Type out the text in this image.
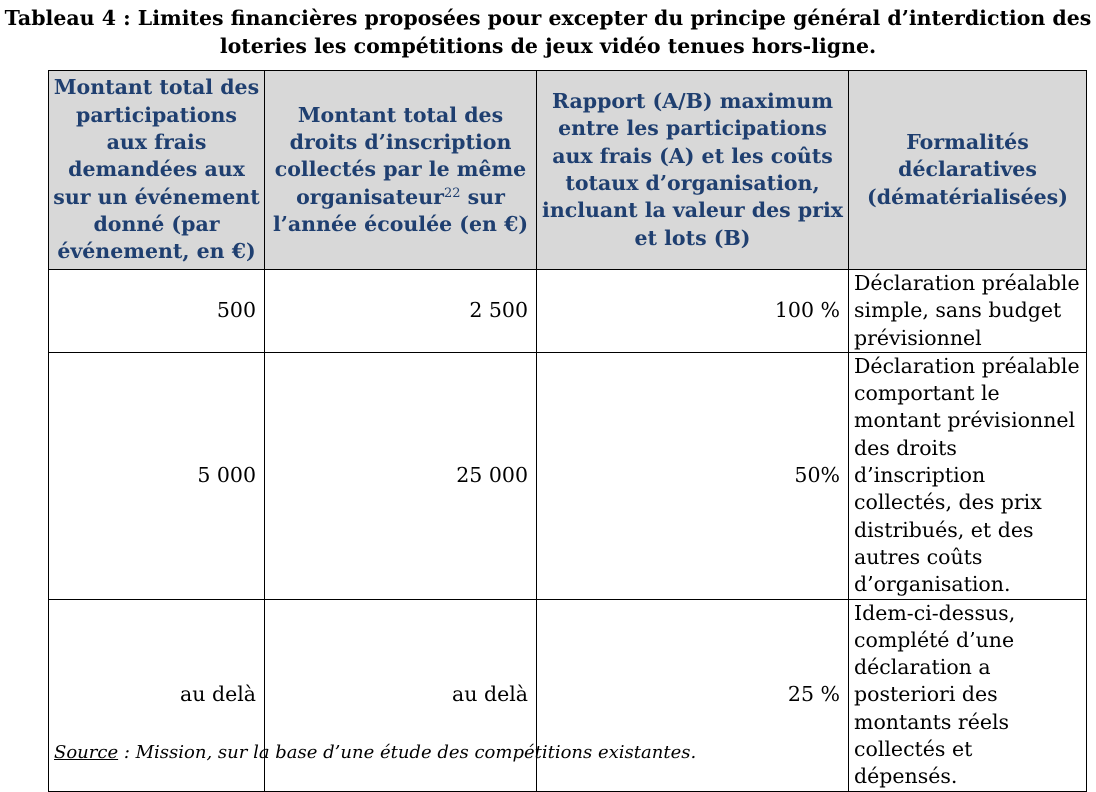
Tableau 4 : Limites financières proposées pour excepter du principe général d’interdiction des
loteries les compétitions de jeux vidéo tenues hors-ligne.
Montant total des participations aux frais demandées aux sur un événement donné (par événement, en €)	Montant total des droits d’inscription collectés par le même organisateur$^{22}$ sur l’année écoulée (en €)	Rapport (A/B) maximum entre les participations aux frais (A) et les coûts totaux d’organisation, incluant la valeur des prix et lots (B)	Formalités déclaratives (dématérialisées)
500	2 500	100 %	Déclaration préalable simple, sans budget prévisionnel
5 000	25 000	50%	Déclaration préalable comportant le montant prévisionnel des droits d’inscription collectés, des prix distribués, et des autres coûts d’organisation.
au delà	au delà	25 %	Idem-ci-dessus, complété d’une déclaration a posteriori des montants réels collectés et dépensés.
Source : Mission, sur la base d’une étude des compétitions existantes.
